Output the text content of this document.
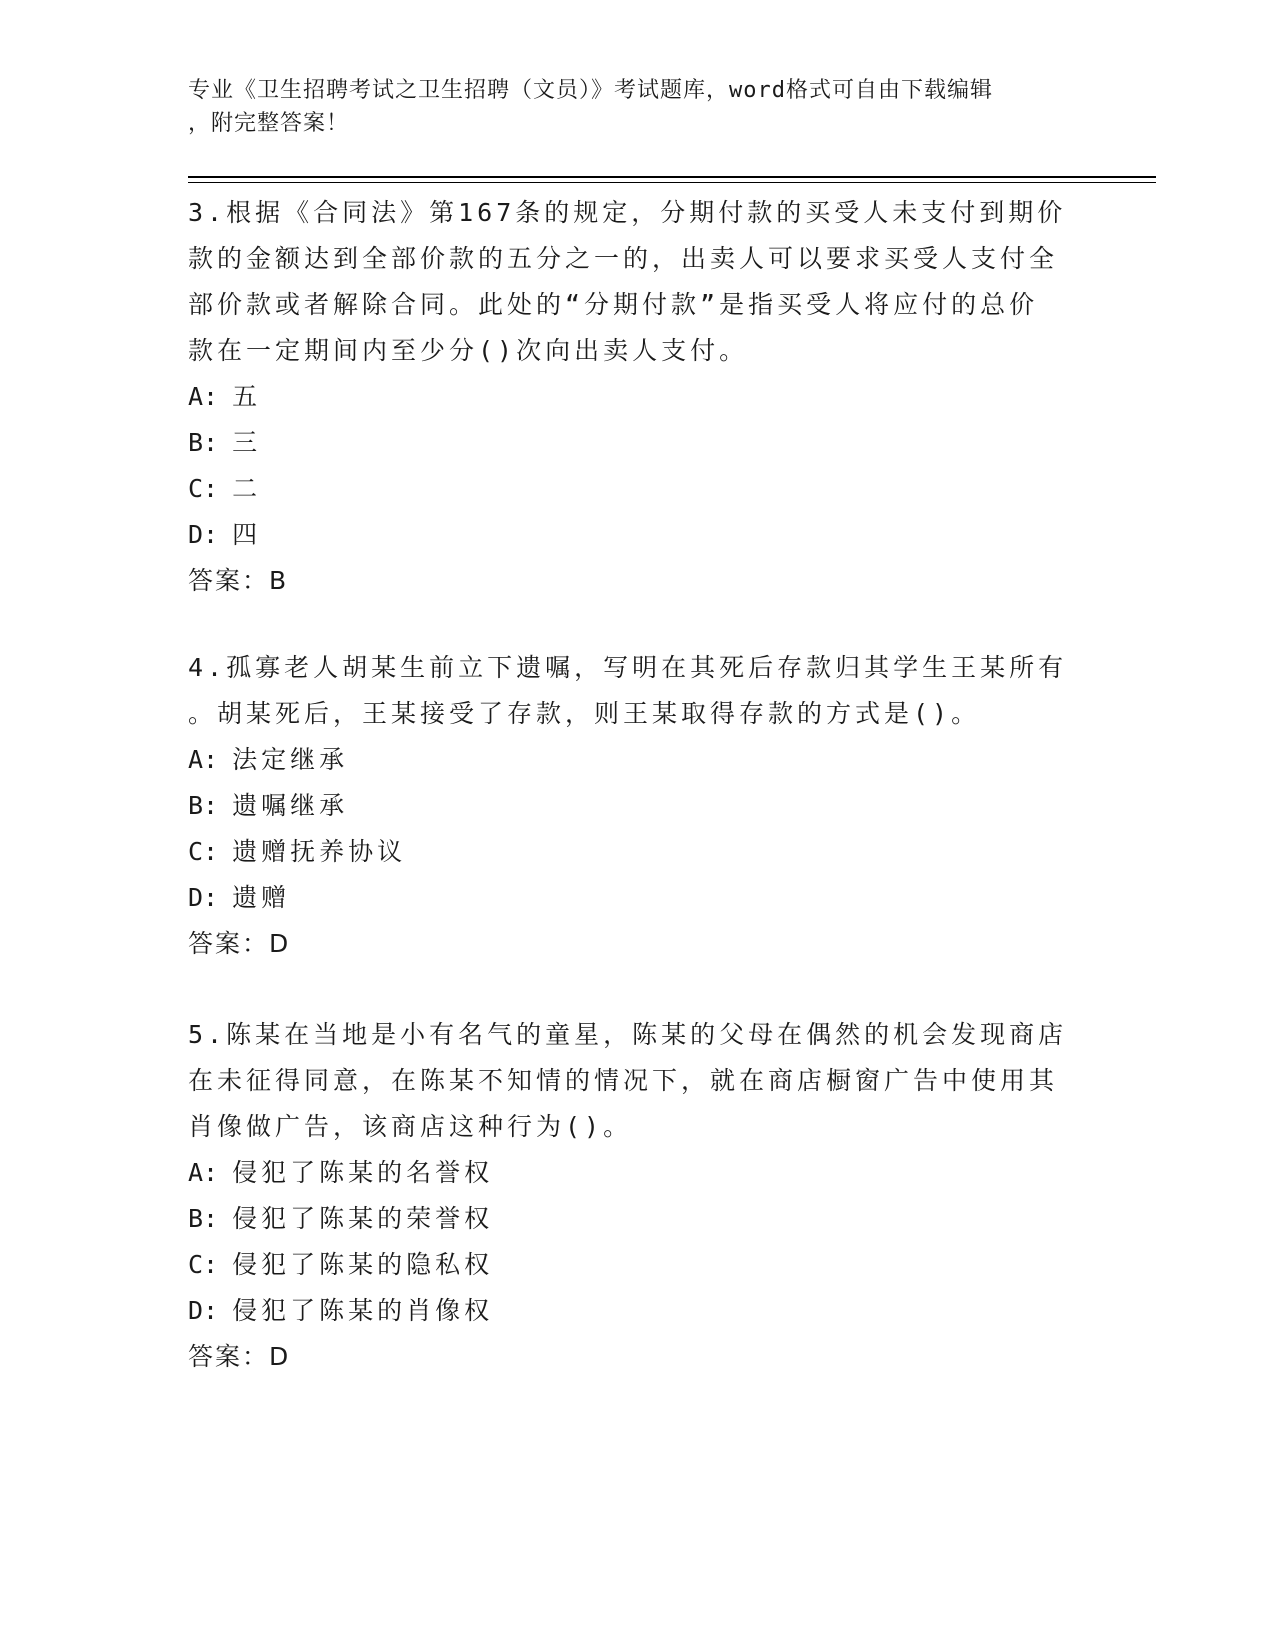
专业《卫生招聘考试之卫生招聘（文员）》考试题库，word格式可自由下载编辑
，附完整答案！

3.根据《合同法》第167条的规定，分期付款的买受人未支付到期价

款的金额达到全部价款的五分之一的，出卖人可以要求买受人支付全

部价款或者解除合同。此处的“分期付款”是指买受人将应付的总价

款在一定期间内至少分()次向出卖人支付。

A: 五

B: 三

C: 二

D: 四

答案：B

4.孤寡老人胡某生前立下遗嘱，写明在其死后存款归其学生王某所有

。胡某死后，王某接受了存款，则王某取得存款的方式是()。

A: 法定继承

B: 遗嘱继承

C: 遗赠抚养协议

D: 遗赠

答案：D

5.陈某在当地是小有名气的童星，陈某的父母在偶然的机会发现商店

在未征得同意，在陈某不知情的情况下，就在商店橱窗广告中使用其

肖像做广告，该商店这种行为()。

A: 侵犯了陈某的名誉权

B: 侵犯了陈某的荣誉权

C: 侵犯了陈某的隐私权

D: 侵犯了陈某的肖像权

答案：D
